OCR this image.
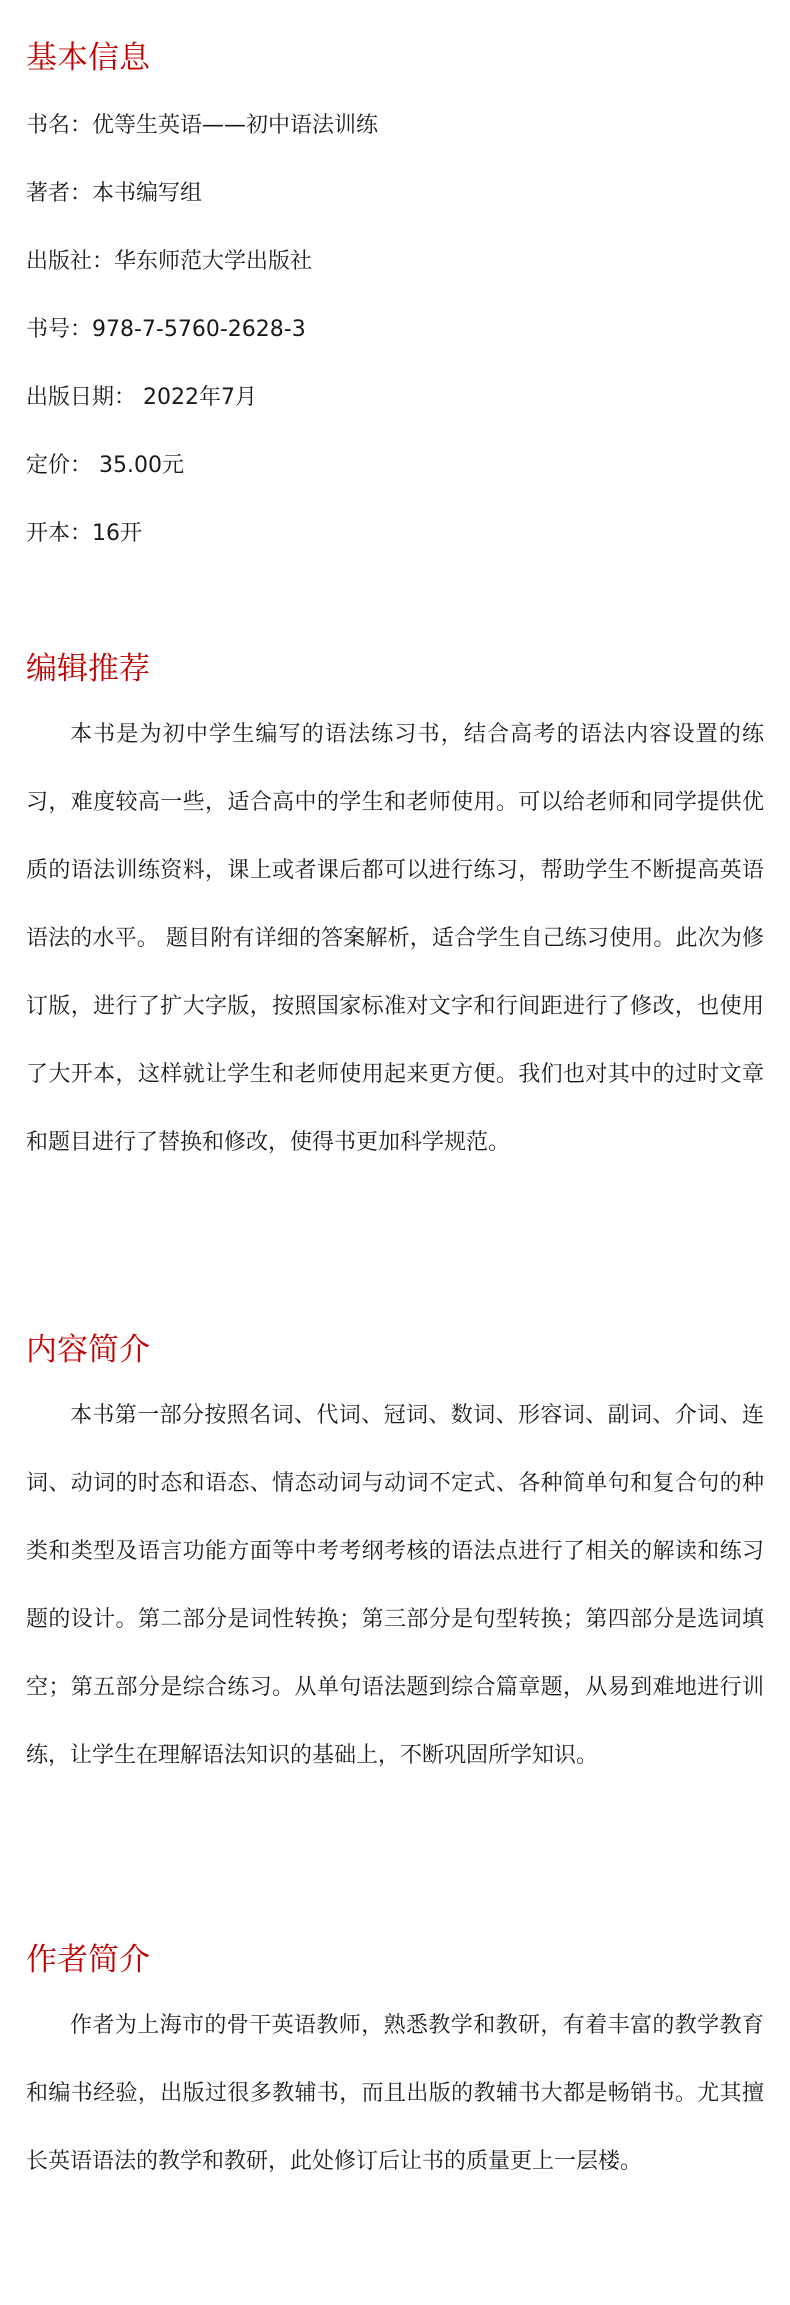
基本信息

书名：优等生英语——初中语法训练

著者：本书编写组

出版社：华东师范大学出版社

书号：978-7-5760-2628-3

出版日期： 2022年7月

定价： 35.00元

开本：16开

编辑推荐

本书是为初中学生编写的语法练习书，结合高考的语法内容设置的练习，难度较高一些，适合高中的学生和老师使用。可以给老师和同学提供优质的语法训练资料，课上或者课后都可以进行练习，帮助学生不断提高英语语法的水平。 题目附有详细的答案解析，适合学生自己练习使用。此次为修订版，进行了扩大字版，按照国家标准对文字和行间距进行了修改，也使用了大开本，这样就让学生和老师使用起来更方便。我们也对其中的过时文章和题目进行了替换和修改，使得书更加科学规范。

内容简介

本书第一部分按照名词、代词、冠词、数词、形容词、副词、介词、连词、动词的时态和语态、情态动词与动词不定式、各种简单句和复合句的种类和类型及语言功能方面等中考考纲考核的语法点进行了相关的解读和练习题的设计。第二部分是词性转换；第三部分是句型转换；第四部分是选词填空；第五部分是综合练习。从单句语法题到综合篇章题，从易到难地进行训练，让学生在理解语法知识的基础上，不断巩固所学知识。

作者简介

作者为上海市的骨干英语教师，熟悉教学和教研，有着丰富的教学教育和编书经验，出版过很多教辅书，而且出版的教辅书大都是畅销书。尤其擅长英语语法的教学和教研，此处修订后让书的质量更上一层楼。
